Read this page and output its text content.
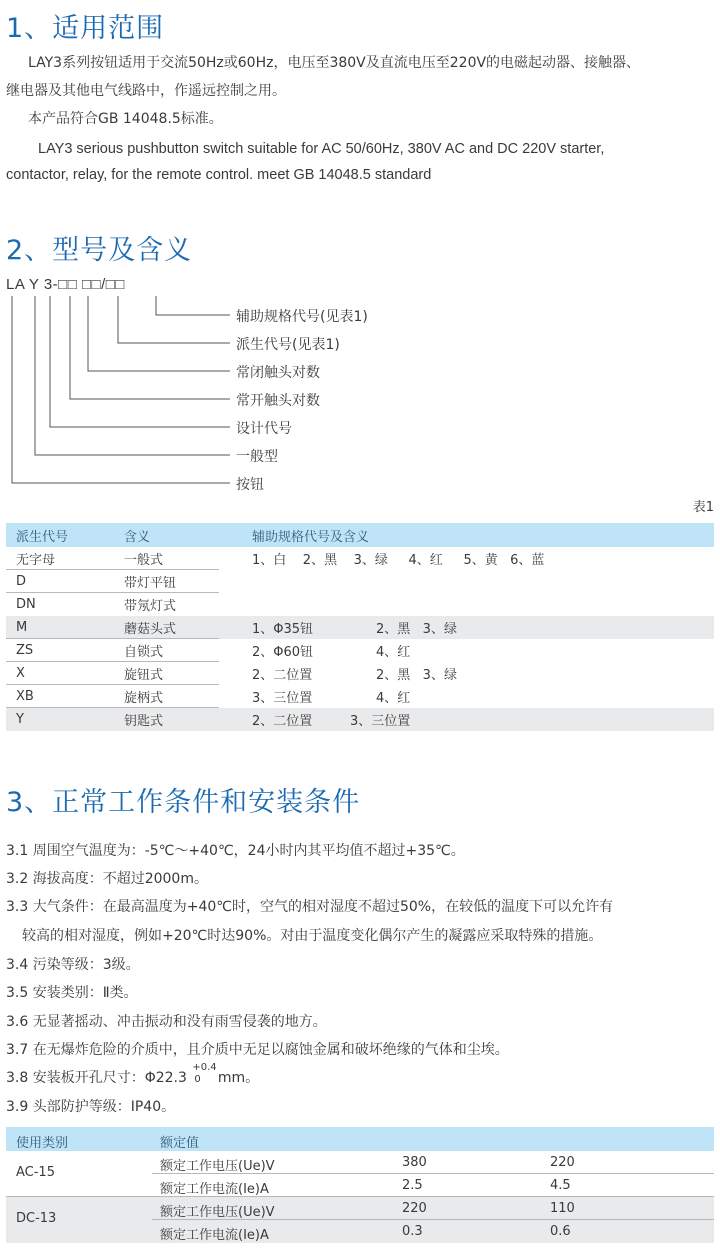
1、适用范围
LAY3系列按钮适用于交流50Hz或60Hz，电压至380V及直流电压至220V的电磁起动器、接触器、
继电器及其他电气线路中，作遥远控制之用。
本产品符合GB 14048.5标准。
LAY3 serious pushbutton switch suitable for AC 50/60Hz, 380V AC and DC 220V starter,
contactor, relay, for the remote control. meet GB 14048.5 standard
2、型号及含义
LA Y 3-□□ □□/□□
辅助规格代号(见表1)
派生代号(见表1)
常闭触头对数
常开触头对数
设计代号
一般型
按钮
表1
派生代号	含义	辅助规格代号及含义
无字母	一般式	1、白    2、黑    3、绿     4、红     5、黄   6、蓝
D	带灯平钮
DN	带氖灯式
M	蘑菇头式	1、Φ35钮	2、黑   3、绿
ZS	自锁式	2、Φ60钮	4、红
X	旋钮式	2、二位置	2、黑   3、绿
XB	旋柄式	3、三位置	4、红
Y	钥匙式	2、二位置	3、三位置
3、正常工作条件和安装条件
3.1 周围空气温度为：-5℃～+40℃，24小时内其平均值不超过+35℃。
3.2 海拔高度：不超过2000m。
3.3 大气条件：在最高温度为+40℃时，空气的相对湿度不超过50%，在较低的温度下可以允许有
较高的相对湿度，例如+20℃时达90%。对由于温度变化偶尔产生的凝露应采取特殊的措施。
3.4 污染等级：3级。
3.5 安装类别：Ⅱ类。
3.6 无显著摇动、冲击振动和没有雨雪侵袭的地方。
3.7 在无爆炸危险的介质中，且介质中无足以腐蚀金属和破坏绝缘的气体和尘埃。
3.8 安装板开孔尺寸：Φ22.3
+0.4
0 mm。
3.9 头部防护等级：IP40。
使用类别	额定值
AC-15	额定工作电压(Ue)V	380	220
额定工作电流(Ie)A	2.5	4.5
DC-13	额定工作电压(Ue)V	220	110
额定工作电流(Ie)A	0.3	0.6
